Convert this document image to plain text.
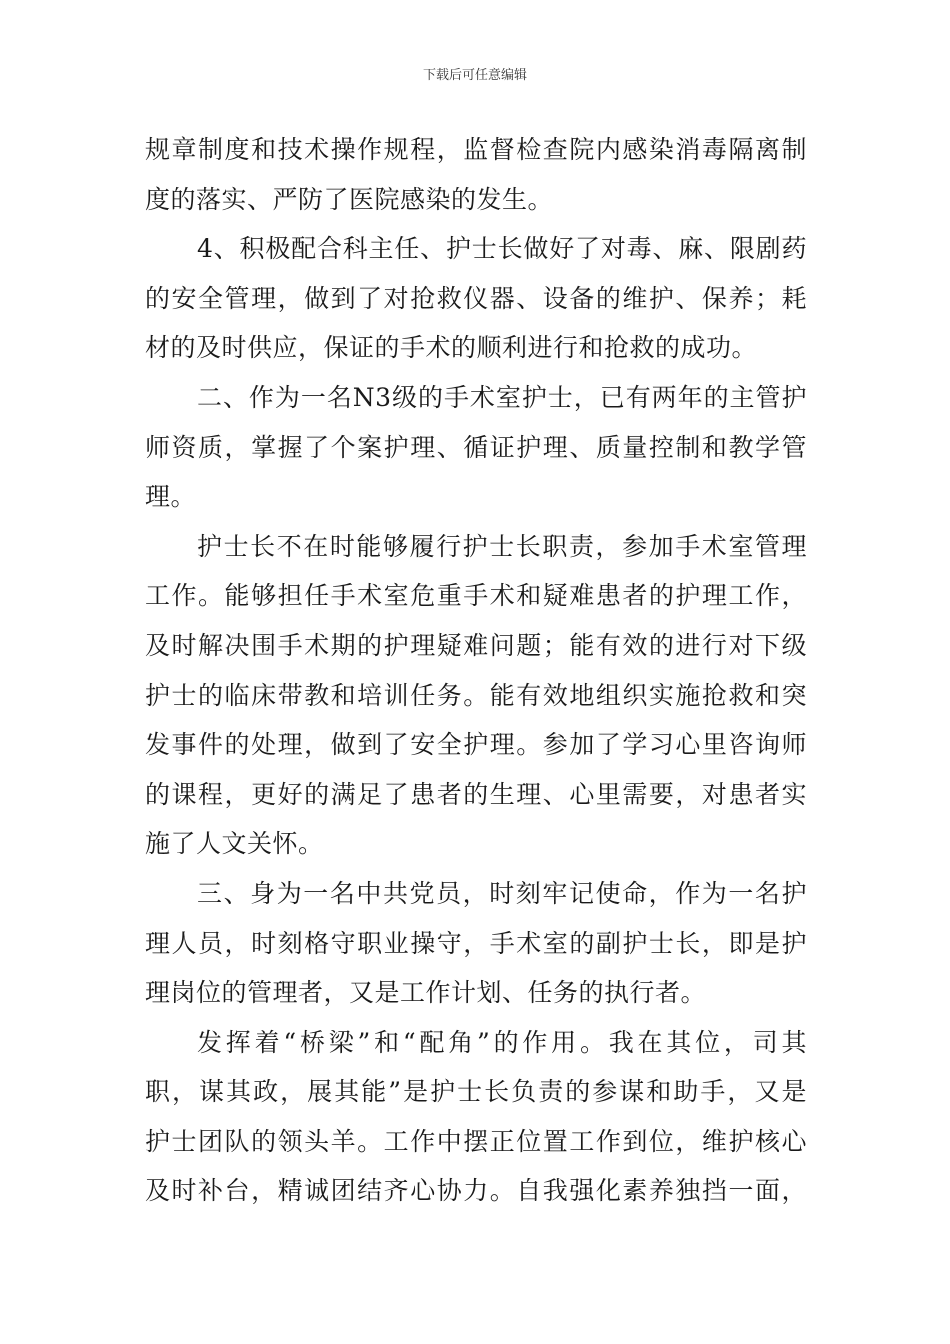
下载后可任意编辑
规章制度和技术操作规程，监督检查院内感染消毒隔离制
度的落实、严防了医院感染的发生。
4、积极配合科主任、护士长做好了对毒、麻、限剧药
的安全管理，做到了对抢救仪器、设备的维护、保养；耗
材的及时供应，保证的手术的顺利进行和抢救的成功。
二、作为一名N3级的手术室护士，已有两年的主管护
师资质，掌握了个案护理、循证护理、质量控制和教学管
理。
护士长不在时能够履行护士长职责，参加手术室管理
工作。能够担任手术室危重手术和疑难患者的护理工作，
及时解决围手术期的护理疑难问题；能有效的进行对下级
护士的临床带教和培训任务。能有效地组织实施抢救和突
发事件的处理，做到了安全护理。参加了学习心里咨询师
的课程，更好的满足了患者的生理、心里需要，对患者实
施了人文关怀。
三、身为一名中共党员，时刻牢记使命，作为一名护
理人员，时刻格守职业操守，手术室的副护士长，即是护
理岗位的管理者，又是工作计划、任务的执行者。
发挥着“桥梁”和“配角”的作用。我在其位，司其
职，谋其政，展其能”是护士长负责的参谋和助手，又是
护士团队的领头羊。工作中摆正位置工作到位，维护核心
及时补台，精诚团结齐心协力。自我强化素养独挡一面，
